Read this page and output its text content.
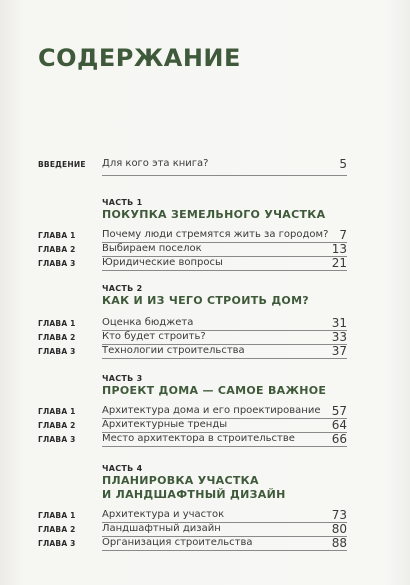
СОДЕРЖАНИЕ
ВВЕДЕНИЕ Для кого эта книга?	5
ЧАСТЬ 1
ПОКУПКА ЗЕМЕЛЬНОГО УЧАСТКА
ГЛАВА 1	Почему люди стремятся жить за городом? 7
ГЛАВА 2	Выбираем поселок	13
ГЛАВА 3	Юридические вопросы	21
ЧАСТЬ 2
КАК И ИЗ ЧЕГО СТРОИТЬ ДОМ?
ГЛАВА 1	Оценка бюджета	31
ГЛАВА 2	Кто будет строить?	33
ГЛАВА 3	Технологии строительства	37
ЧАСТЬ 3
ПРОЕКТ ДОМА — САМОЕ ВАЖНОЕ
ГЛАВА 1	Архитектура дома и его проектирование 57
ГЛАВА 2	Архитектурные тренды	64
ГЛАВА 3	Место архитектора в строительстве	66
ЧАСТЬ 4
ПЛАНИРОВКА УЧАСТКА
И ЛАНДШАФТНЫЙ ДИЗАЙН
ГЛАВА 1	Архитектура и участок	73
ГЛАВА 2	Ландшафтный дизайн	80
ГЛАВА 3	Организация строительства	88
